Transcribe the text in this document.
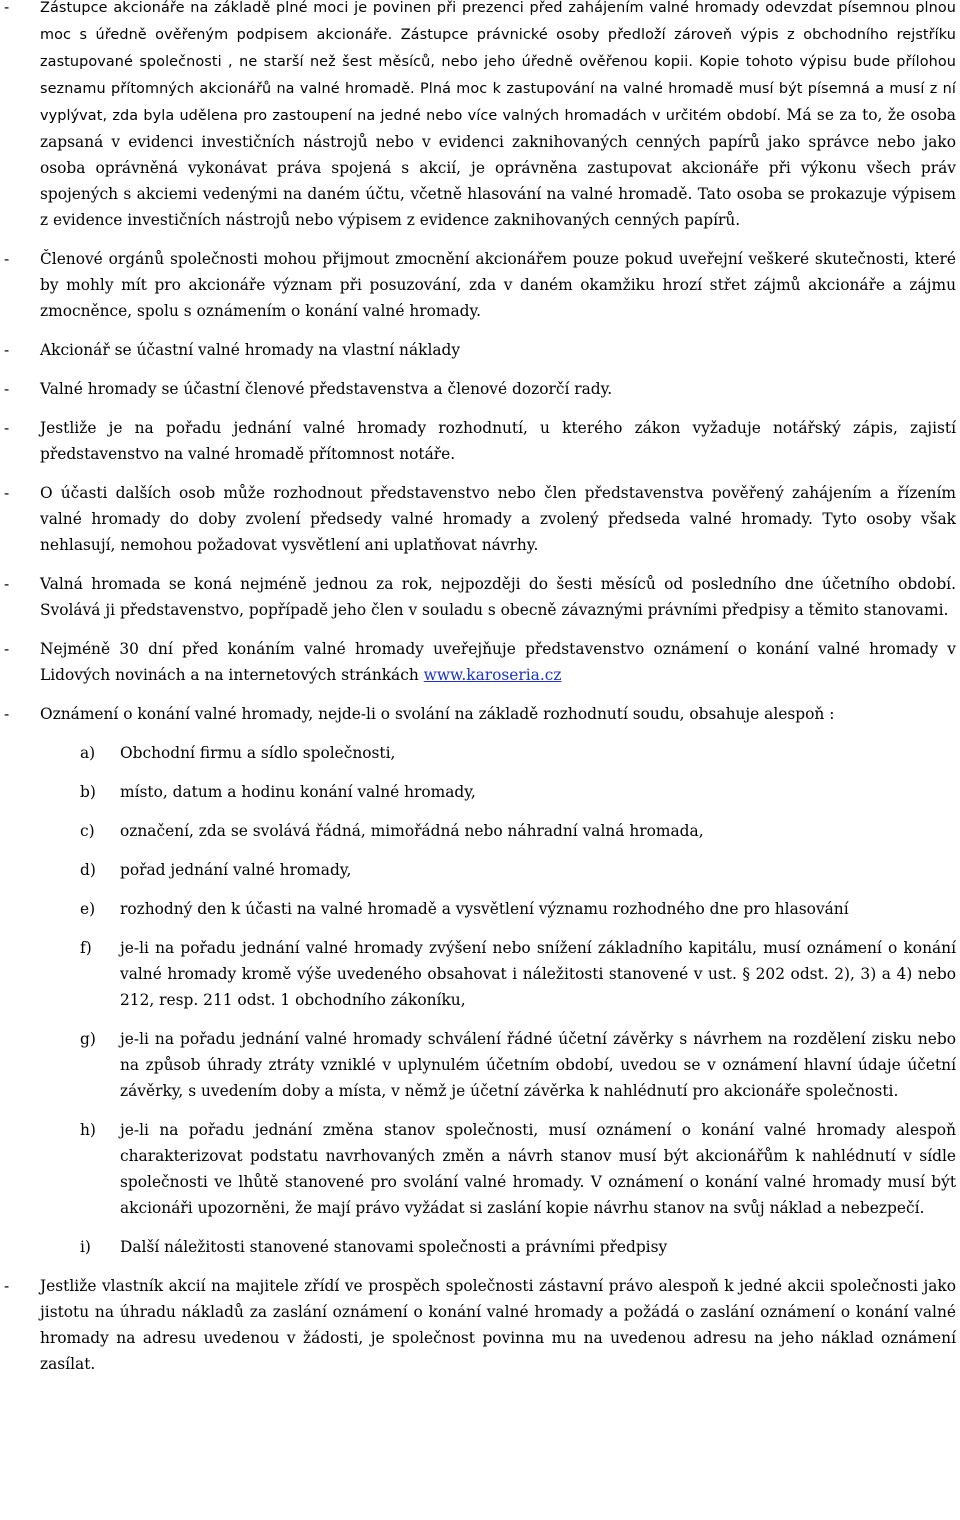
- Zástupce akcionáře na základě plné moci je povinen při prezenci před zahájením valné hromady odevzdat písemnou plnou moc s úředně ověřeným podpisem akcionáře. Zástupce právnické osoby předloží zároveň výpis z obchodního rejstříku zastupované společnosti , ne starší než šest měsíců, nebo jeho úředně ověřenou kopii. Kopie tohoto výpisu bude přílohou seznamu přítomných akcionářů na valné hromadě. Plná moc k zastupování na valné hromadě musí být písemná a musí z ní vyplývat, zda byla udělena pro zastoupení na jedné nebo více valných hromadách v určitém období. Má se za to, že osoba zapsaná v evidenci investičních nástrojů nebo v evidenci zaknihovaných cenných papírů jako správce nebo jako osoba oprávněná vykonávat práva spojená s akcií, je oprávněna zastupovat akcionáře při výkonu všech práv spojených s akciemi vedenými na daném účtu, včetně hlasování na valné hromadě. Tato osoba se prokazuje výpisem z evidence investičních nástrojů nebo výpisem z evidence zaknihovaných cenných papírů.
- Členové orgánů společnosti mohou přijmout zmocnění akcionářem pouze pokud uveřejní veškeré skutečnosti, které by mohly mít pro akcionáře význam při posuzování, zda v daném okamžiku hrozí střet zájmů akcionáře a zájmu zmocněnce, spolu s oznámením o konání valné hromady.
- Akcionář se účastní valné hromady na vlastní náklady
- Valné hromady se účastní členové představenstva a členové dozorčí rady.
- Jestliže je na pořadu jednání valné hromady rozhodnutí, u kterého zákon vyžaduje notářský zápis, zajistí představenstvo na valné hromadě přítomnost notáře.
- O účasti dalších osob může rozhodnout představenstvo nebo člen představenstva pověřený zahájením a řízením valné hromady do doby zvolení předsedy valné hromady a zvolený předseda valné hromady. Tyto osoby však nehlasují, nemohou požadovat vysvětlení ani uplatňovat návrhy.
- Valná hromada se koná nejméně jednou za rok, nejpozději do šesti měsíců od posledního dne účetního období. Svolává ji představenstvo, popřípadě jeho člen v souladu s obecně závaznými právními předpisy a těmito stanovami.
- Nejméně 30 dní před konáním valné hromady uveřejňuje představenstvo oznámení o konání valné hromady v Lidových novinách a na internetových stránkách www.karoseria.cz
- Oznámení o konání valné hromady, nejde-li o svolání na základě rozhodnutí soudu, obsahuje alespoň :
a) Obchodní firmu a sídlo společnosti,
b) místo, datum a hodinu konání valné hromady,
c) označení, zda se svolává řádná, mimořádná nebo náhradní valná hromada,
d) pořad jednání valné hromady,
e) rozhodný den k účasti na valné hromadě a vysvětlení významu rozhodného dne pro hlasování
f) je-li na pořadu jednání valné hromady zvýšení nebo snížení základního kapitálu, musí oznámení o konání valné hromady kromě výše uvedeného obsahovat i náležitosti stanovené v ust. § 202 odst. 2), 3) a 4) nebo 212, resp. 211 odst. 1 obchodního zákoníku,
g) je-li na pořadu jednání valné hromady schválení řádné účetní závěrky s návrhem na rozdělení zisku nebo na způsob úhrady ztráty vzniklé v uplynulém účetním období, uvedou se v oznámení hlavní údaje účetní závěrky, s uvedením doby a místa, v němž je účetní závěrka k nahlédnutí pro akcionáře společnosti.
h) je-li na pořadu jednání změna stanov společnosti, musí oznámení o konání valné hromady alespoň charakterizovat podstatu navrhovaných změn a návrh stanov musí být akcionářům k nahlédnutí v sídle společnosti ve lhůtě stanovené pro svolání valné hromady. V oznámení o konání valné hromady musí být akcionáři upozorněni, že mají právo vyžádat si zaslání kopie návrhu stanov na svůj náklad a nebezpečí.
i) Další náležitosti stanovené stanovami společnosti a právními předpisy
- Jestliže vlastník akcií na majitele zřídí ve prospěch společnosti zástavní právo alespoň k jedné akcii společnosti jako jistotu na úhradu nákladů za zaslání oznámení o konání valné hromady a požádá o zaslání oznámení o konání valné hromady na adresu uvedenou v žádosti, je společnost povinna mu na uvedenou adresu na jeho náklad oznámení zasílat.
